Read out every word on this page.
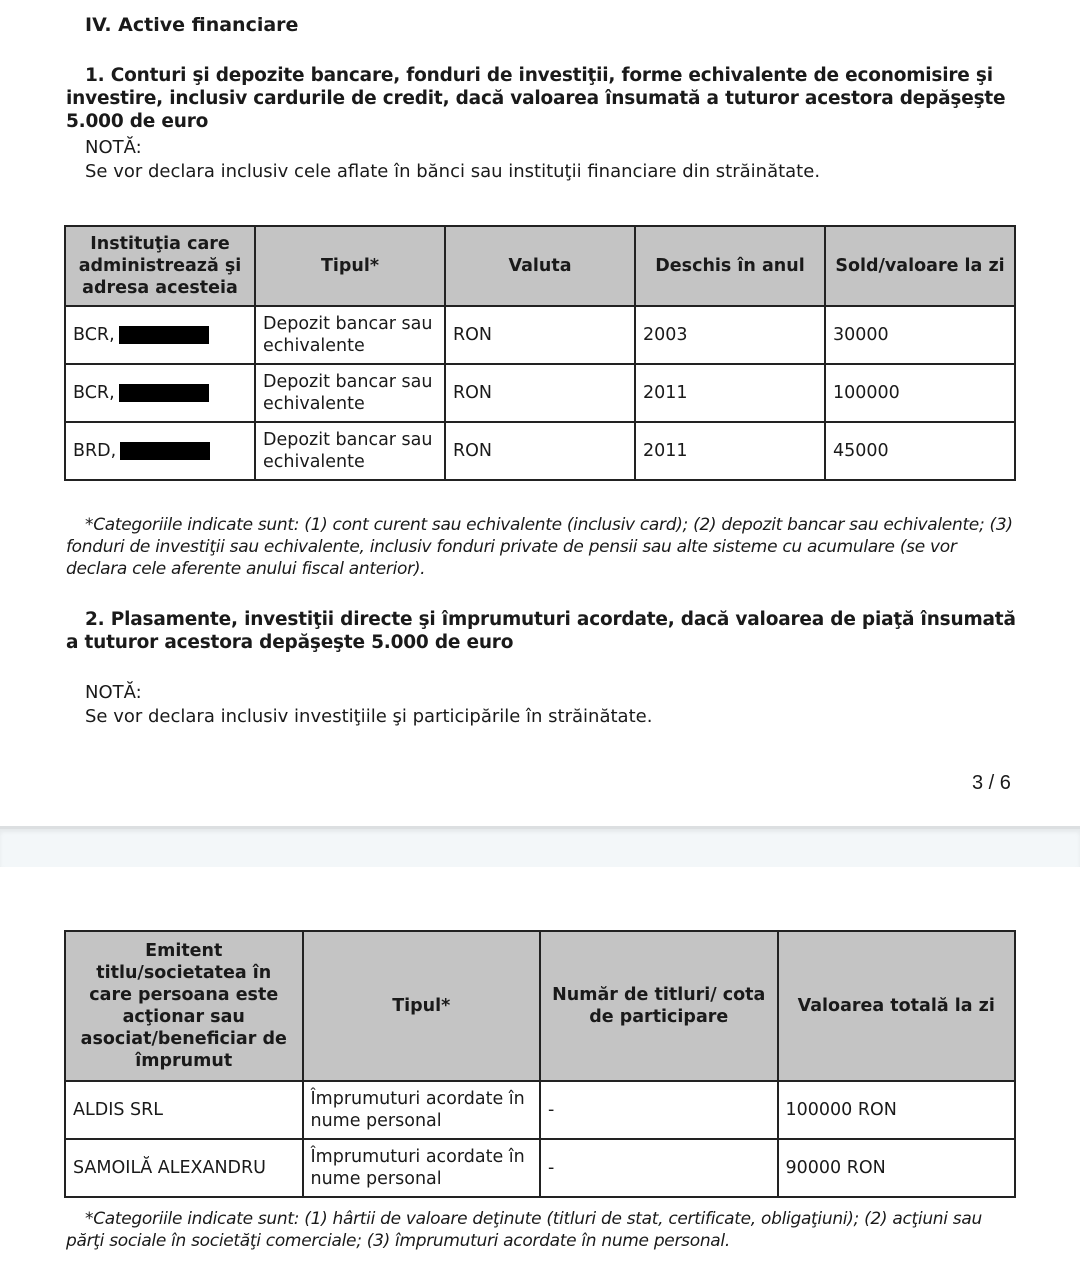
IV. Active financiare
1. Conturi şi depozite bancare, fonduri de investiţii, forme echivalente de economisire şi investire, inclusiv cardurile de credit, dacă valoarea însumată a tuturor acestora depăşeşte 5.000 de euro
NOTĂ:
Se vor declara inclusiv cele aflate în bănci sau instituţii financiare din străinătate.
Instituţia care administrează şi adresa acesteia	Tipul*	Valuta	Deschis în anul	Sold/valoare la zi
BCR,	Depozit bancar sau echivalente	RON	2003	30000
BCR,	Depozit bancar sau echivalente	RON	2011	100000
BRD,	Depozit bancar sau echivalente	RON	2011	45000
*Categoriile indicate sunt: (1) cont curent sau echivalente (inclusiv card); (2) depozit bancar sau echivalente; (3) fonduri de investiţii sau echivalente, inclusiv fonduri private de pensii sau alte sisteme cu acumulare (se vor declara cele aferente anului fiscal anterior).
2. Plasamente, investiţii directe şi împrumuturi acordate, dacă valoarea de piaţă însumată a tuturor acestora depăşeşte 5.000 de euro
NOTĂ:
Se vor declara inclusiv investiţiile şi participările în străinătate.
3 / 6
Emitent titlu/societatea în care persoana este acţionar sau asociat/beneficiar de împrumut	Tipul*	Număr de titluri/ cota de participare	Valoarea totală la zi
ALDIS SRL	Împrumuturi acordate în nume personal	-	100000 RON
SAMOILĂ ALEXANDRU	Împrumuturi acordate în nume personal	-	90000 RON
*Categoriile indicate sunt: (1) hârtii de valoare deţinute (titluri de stat, certificate, obligaţiuni); (2) acţiuni sau părţi sociale în societăţi comerciale; (3) împrumuturi acordate în nume personal.
